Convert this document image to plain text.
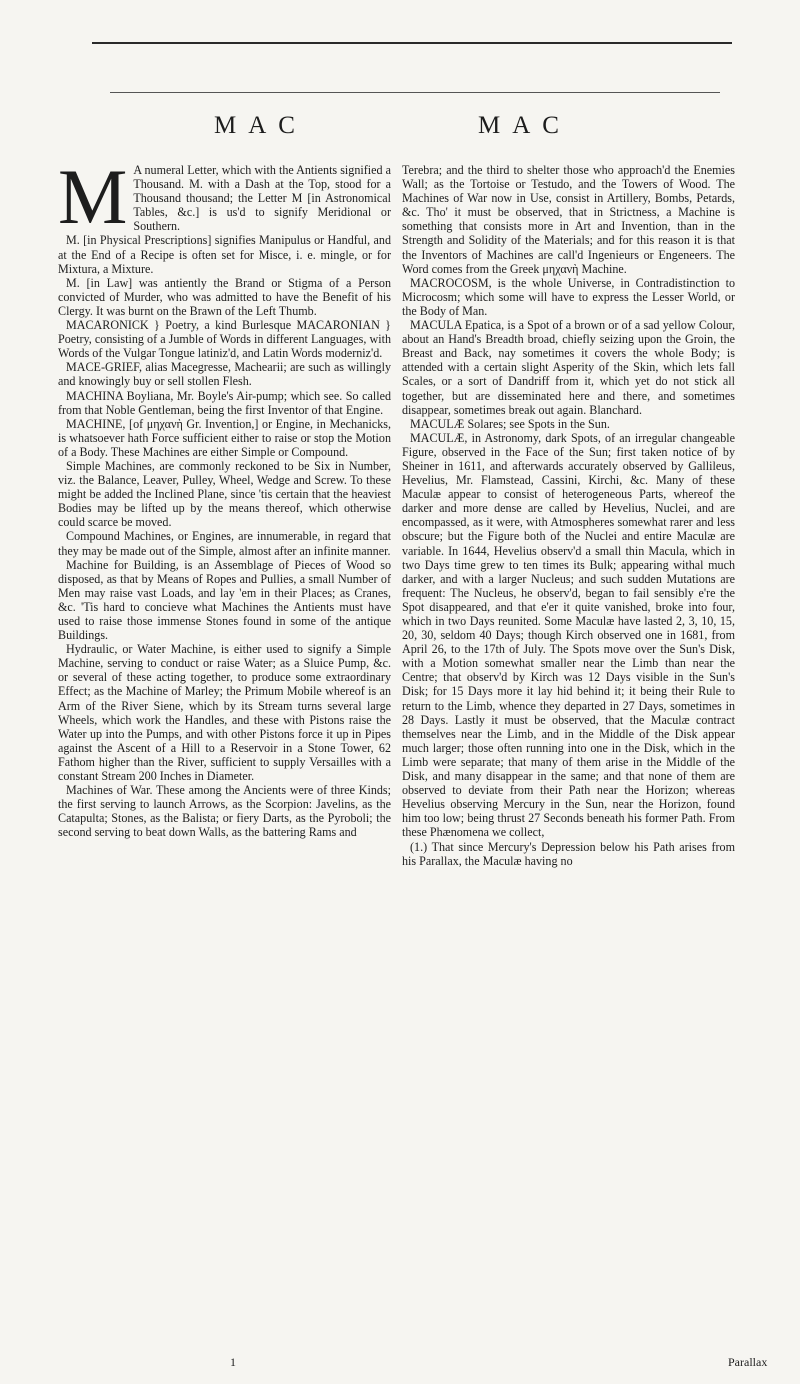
MAC	MAC

M A numeral Letter, which with the Antients signified a Thousand. M. with a Dash at the Top, stood for a Thousand thousand; the Letter M [in Astronomical Tables, &c.] is us'd to signify Meridional or Southern.

M. [in Physical Prescriptions] signifies Manipulus or Handful, and at the End of a Recipe is often set for Misce, i. e. mingle, or for Mixtura, a Mixture.

M. [in Law] was antiently the Brand or Stigma of a Person convicted of Murder, who was admitted to have the Benefit of his Clergy. It was burnt on the Brawn of the Left Thumb.

MACARONICK } Poetry, a kind Burlesque MACARONIAN } Poetry, consisting of a Jumble of Words in different Languages, with Words of the Vulgar Tongue latiniz'd, and Latin Words moderniz'd.

MACE-GRIEF, alias Macegresse, Machearii; are such as willingly and knowingly buy or sell stollen Flesh.

MACHINA Boyliana, Mr. Boyle's Air-pump; which see. So called from that Noble Gentleman, being the first Inventor of that Engine.

MACHINE, [of μηχανὴ Gr. Invention,] or Engine, in Mechanicks, is whatsoever hath Force sufficient either to raise or stop the Motion of a Body. These Machines are either Simple or Compound.

Simple Machines, are commonly reckoned to be Six in Number, viz. the Balance, Leaver, Pulley, Wheel, Wedge and Screw. To these might be added the Inclined Plane, since 'tis certain that the heaviest Bodies may be lifted up by the means thereof, which otherwise could scarce be moved.

Compound Machines, or Engines, are innumerable, in regard that they may be made out of the Simple, almost after an infinite manner.

Machine for Building, is an Assemblage of Pieces of Wood so disposed, as that by Means of Ropes and Pullies, a small Number of Men may raise vast Loads, and lay 'em in their Places; as Cranes, &c. 'Tis hard to concieve what Machines the Antients must have used to raise those immense Stones found in some of the antique Buildings.

Hydraulic, or Water Machine, is either used to signify a Simple Machine, serving to conduct or raise Water; as a Sluice Pump, &c. or several of these acting together, to produce some extraordinary Effect; as the Machine of Marley; the Primum Mobile whereof is an Arm of the River Siene, which by its Stream turns several large Wheels, which work the Handles, and these with Pistons raise the Water up into the Pumps, and with other Pistons force it up in Pipes against the Ascent of a Hill to a Reservoir in a Stone Tower, 62 Fathom higher than the River, sufficient to supply Versailles with a constant Stream 200 Inches in Diameter.

Machines of War. These among the Ancients were of three Kinds; the first serving to launch Arrows, as the Scorpion: Javelins, as the Catapulta; Stones, as the Balista; or fiery Darts, as the Pyroboli; the second serving to beat down Walls, as the battering Rams and

Terebra; and the third to shelter those who approach'd the Enemies Wall; as the Tortoise or Testudo, and the Towers of Wood. The Machines of War now in Use, consist in Artillery, Bombs, Petards, &c. Tho' it must be observed, that in Strictness, a Machine is something that consists more in Art and Invention, than in the Strength and Solidity of the Materials; and for this reason it is that the Inventors of Machines are call'd Ingenieurs or Engeneers. The Word comes from the Greek μηχανὴ Machine.

MACROCOSM, is the whole Universe, in Contradistinction to Microcosm; which some will have to express the Lesser World, or the Body of Man.

MACULA Epatica, is a Spot of a brown or of a sad yellow Colour, about an Hand's Breadth broad, chiefly seizing upon the Groin, the Breast and Back, nay sometimes it covers the whole Body; is attended with a certain slight Asperity of the Skin, which lets fall Scales, or a sort of Dandriff from it, which yet do not stick all together, but are disseminated here and there, and sometimes disappear, sometimes break out again. Blanchard.

MACULÆ Solares; see Spots in the Sun.

MACULÆ, in Astronomy, dark Spots, of an irregular changeable Figure, observed in the Face of the Sun; first taken notice of by Sheiner in 1611, and afterwards accurately observed by Gallileus, Hevelius, Mr. Flamstead, Cassini, Kirchi, &c. Many of these Maculæ appear to consist of heterogeneous Parts, whereof the darker and more dense are called by Hevelius, Nuclei, and are encompassed, as it were, with Atmospheres somewhat rarer and less obscure; but the Figure both of the Nuclei and entire Maculæ are variable. In 1644, Hevelius observ'd a small thin Macula, which in two Days time grew to ten times its Bulk; appearing withal much darker, and with a larger Nucleus; and such sudden Mutations are frequent: The Nucleus, he observ'd, began to fail sensibly e're the Spot disappeared, and that e'er it quite vanished, broke into four, which in two Days reunited. Some Maculæ have lasted 2, 3, 10, 15, 20, 30, seldom 40 Days; though Kirch observed one in 1681, from April 26, to the 17th of July. The Spots move over the Sun's Disk, with a Motion somewhat smaller near the Limb than near the Centre; that observ'd by Kirch was 12 Days visible in the Sun's Disk; for 15 Days more it lay hid behind it; it being their Rule to return to the Limb, whence they departed in 27 Days, sometimes in 28 Days. Lastly it must be observed, that the Maculæ contract themselves near the Limb, and in the Middle of the Disk appear much larger; those often running into one in the Disk, which in the Limb were separate; that many of them arise in the Middle of the Disk, and many disappear in the same; and that none of them are observed to deviate from their Path near the Horizon; whereas Hevelius observing Mercury in the Sun, near the Horizon, found him too low; being thrust 27 Seconds beneath his former Path. From these Phænomena we collect,

(1.) That since Mercury's Depression below his Path arises from his Parallax, the Maculæ having no

1	Parallax
